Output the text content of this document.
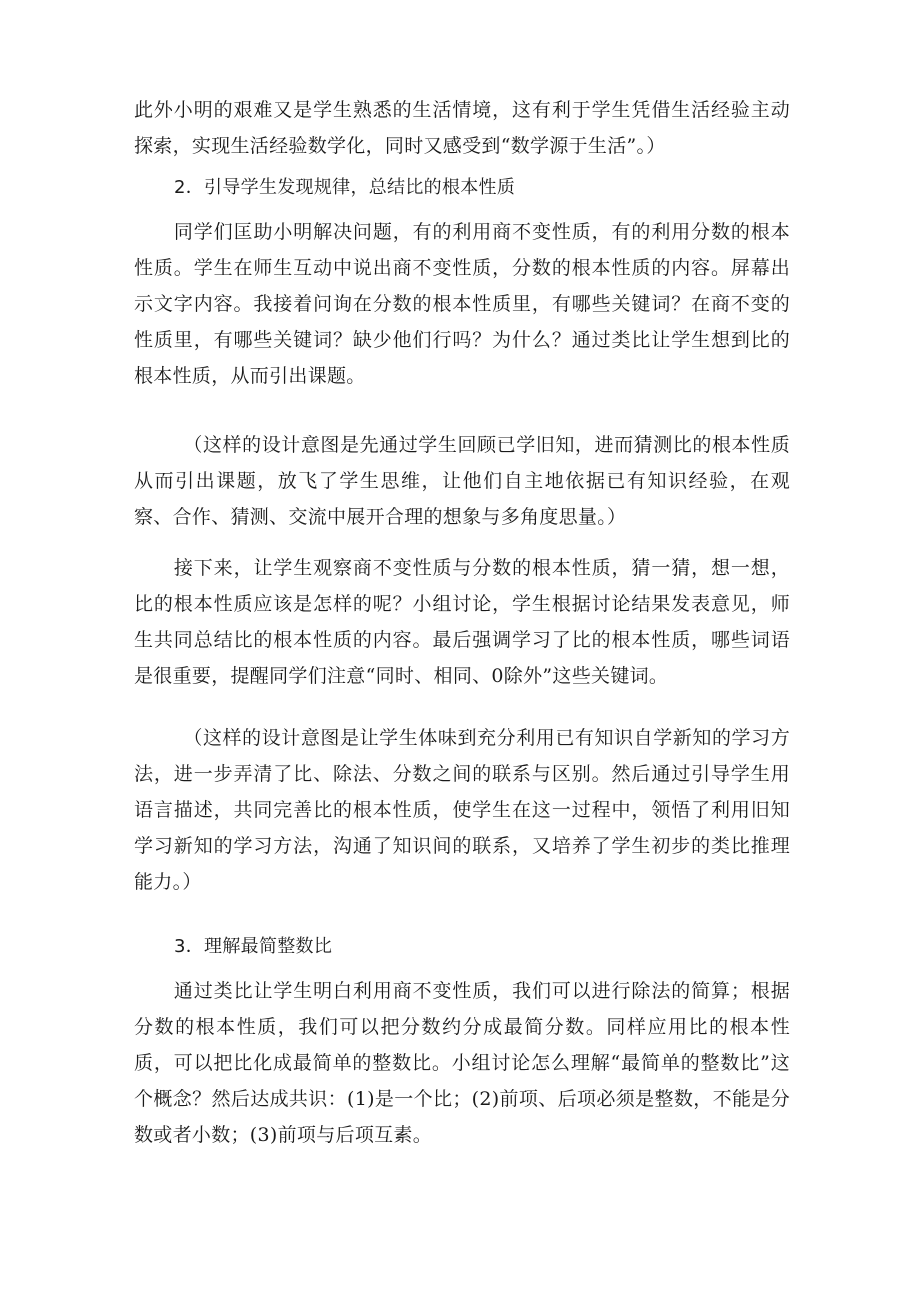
此外小明的艰难又是学生熟悉的生活情境，这有利于学生凭借生活经验主动探索，实现生活经验数学化，同时又感受到“数学源于生活”。）

2．引导学生发现规律，总结比的根本性质

同学们匡助小明解决问题，有的利用商不变性质，有的利用分数的根本性质。学生在师生互动中说出商不变性质，分数的根本性质的内容。屏幕出示文字内容。我接着问询在分数的根本性质里，有哪些关键词？在商不变的性质里，有哪些关键词？缺少他们行吗？为什么？通过类比让学生想到比的根本性质，从而引出课题。

（这样的设计意图是先通过学生回顾已学旧知，进而猜测比的根本性质从而引出课题，放飞了学生思维，让他们自主地依据已有知识经验，在观察、合作、猜测、交流中展开合理的想象与多角度思量。）

接下来，让学生观察商不变性质与分数的根本性质，猜一猜，想一想，比的根本性质应该是怎样的呢？小组讨论，学生根据讨论结果发表意见，师生共同总结比的根本性质的内容。最后强调学习了比的根本性质，哪些词语是很重要，提醒同学们注意“同时、相同、0除外”这些关键词。

（这样的设计意图是让学生体味到充分利用已有知识自学新知的学习方法，进一步弄清了比、除法、分数之间的联系与区别。然后通过引导学生用语言描述，共同完善比的根本性质，使学生在这一过程中，领悟了利用旧知学习新知的学习方法，沟通了知识间的联系，又培养了学生初步的类比推理能力。）

3．理解最简整数比

通过类比让学生明白利用商不变性质，我们可以进行除法的简算；根据分数的根本性质，我们可以把分数约分成最简分数。同样应用比的根本性质，可以把比化成最简单的整数比。小组讨论怎么理解“最简单的整数比”这个概念？然后达成共识：(1)是一个比；(2)前项、后项必须是整数，不能是分数或者小数；(3)前项与后项互素。
